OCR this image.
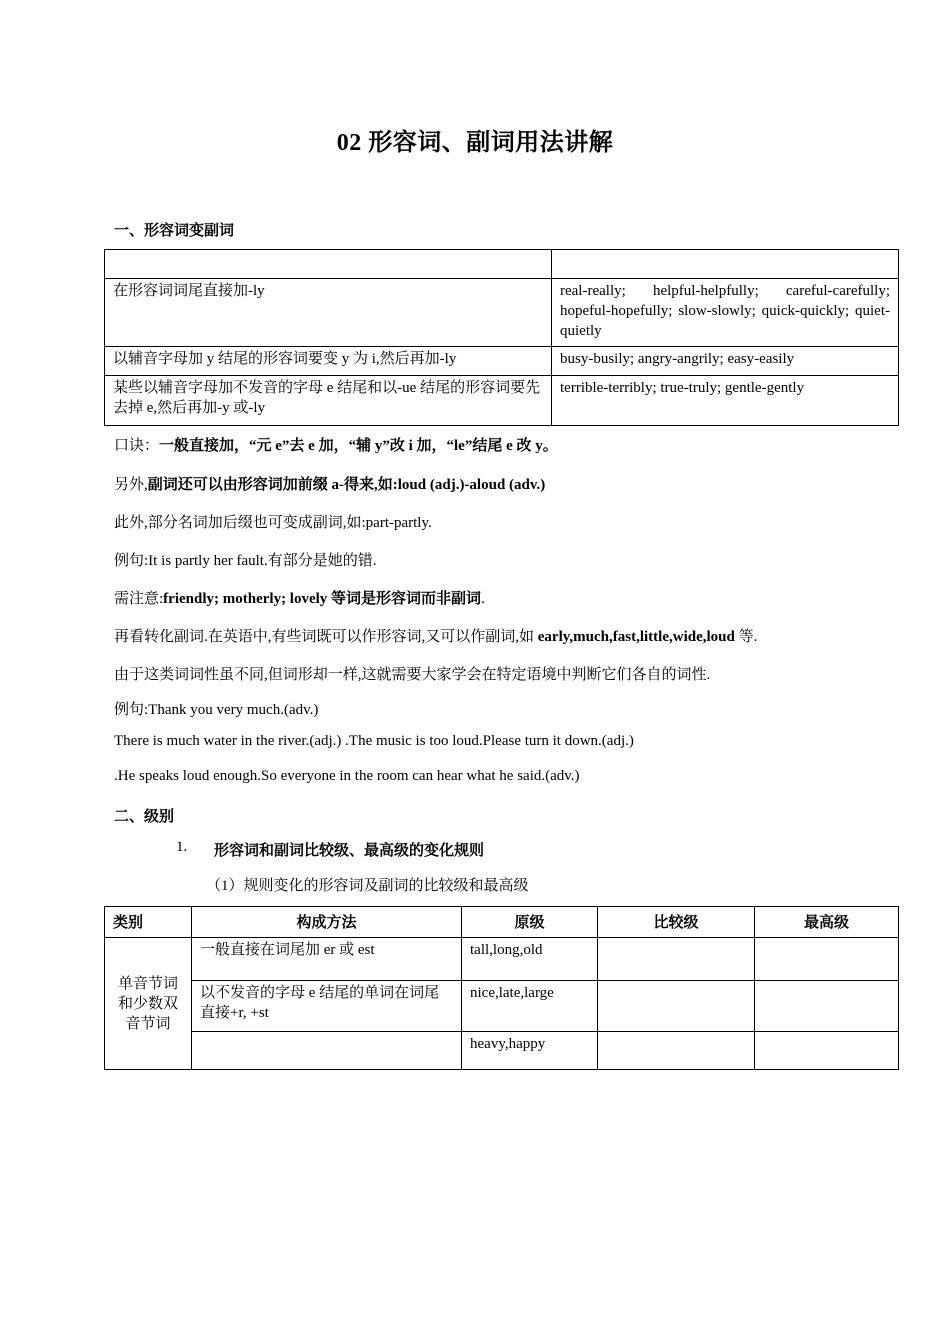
02 形容词、副词用法讲解
一、形容词变副词

在形容词词尾直接加-ly	real-really; helpful-helpfully; careful-carefully; hopeful-hopefully; slow-slowly; quick-quickly; quiet-quietly
以辅音字母加 y 结尾的形容词要变 y 为 i,然后再加-ly	busy-busily; angry-angrily; easy-easily
某些以辅音字母加不发音的字母 e 结尾和以-ue 结尾的形容词要先去掉 e,然后再加-y 或-ly	terrible-terribly; true-truly; gentle-gently
口诀：一般直接加，“元 e”去 e 加，“辅 y”改 i 加，“le”结尾 e 改 y。
另外,副词还可以由形容词加前缀 a-得来,如:loud (adj.)-aloud (adv.)
此外,部分名词加后缀也可变成副词,如:part-partly.
例句:It is partly her fault.有部分是她的错.
需注意:friendly; motherly; lovely 等词是形容词而非副词.
再看转化副词.在英语中,有些词既可以作形容词,又可以作副词,如 early,much,fast,little,wide,loud 等.
由于这类词词性虽不同,但词形却一样,这就需要大家学会在特定语境中判断它们各自的词性.
例句:Thank you very much.(adv.)
There is much water in the river.(adj.) .The music is too loud.Please turn it down.(adj.)
.He speaks loud enough.So everyone in the room can hear what he said.(adv.)
二、级别
1. 形容词和副词比较级、最高级的变化规则
（1）规则变化的形容词及副词的比较级和最高级
类别	构成方法	原级	比较级	最高级
单音节词和少数双音节词	一般直接在词尾加 er 或 est	tall,long,old		
	以不发音的字母 e 结尾的单词在词尾直接+r, +st	nice,late,large		
		heavy,happy		
